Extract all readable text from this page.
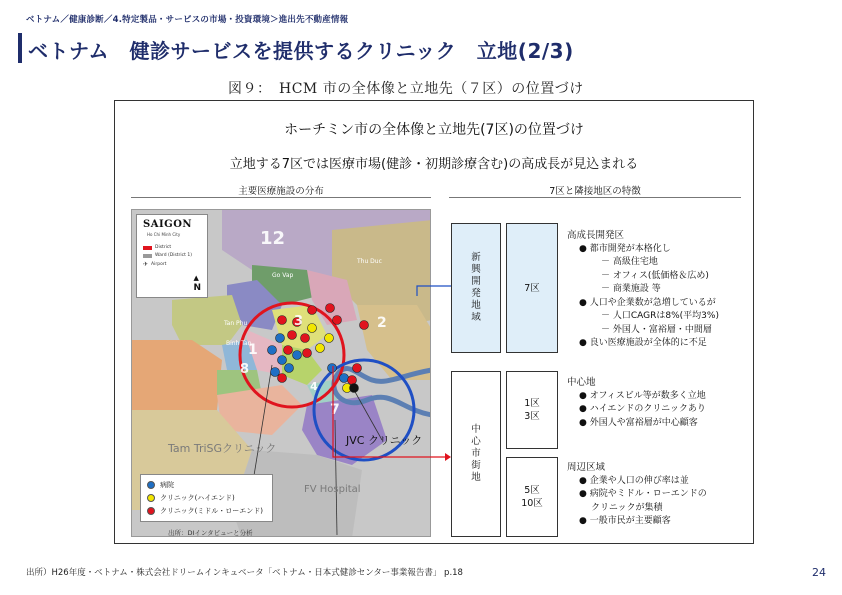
ベトナム／健康診断／4.特定製品・サービスの市場・投資環境＞進出先不動産情報
ベトナム　健診サービスを提供するクリニック　立地(2/3)
図９：　HCM 市の全体像と立地先（７区）の位置づけ
ホーチミン市の全体像と立地先(7区)の位置づけ
立地する7区では医療市場(健診・初期診療含む)の高成長が見込まれる
主要医療施設の分布	7区と隣接地区の特徴
12
1
3	2
4
7
8
Go Vap
Thu Duc
Tan Phu
Binh Tan
SAIGON
Ho Chi Minh City
District
Ward (District 1)
✈ Airport
▲
N
Tam TriSGクリニック
JVC クリニック
FV Hospital
病院
クリニック(ハイエンド)
クリニック(ミドル・ローエンド)
出所：DIインタビューと分析
新
興
開
発
地
域
7区
高成長開発区
● 都市開発が本格化し
－ 高級住宅地
－ オフィス(低価格＆広め)
－ 商業施設 等
● 人口や企業数が急増しているが
－ 人口CAGRは8%(平均3%)
－ 外国人・富裕層・中間層
● 良い医療施設が全体的に不足
中
心
市
街
地
1区
3区
中心地
● オフィスビル等が数多く立地
● ハイエンドのクリニックあり
● 外国人や富裕層が中心顧客
5区
10区
周辺区域
● 企業や人口の伸び率は並
● 病院やミドル・ローエンドの
クリニックが集積
● 一般市民が主要顧客
出所）H26年度・ベトナム・株式会社ドリームインキュベータ「ベトナム・日本式健診センター事業報告書」 p.18	24
